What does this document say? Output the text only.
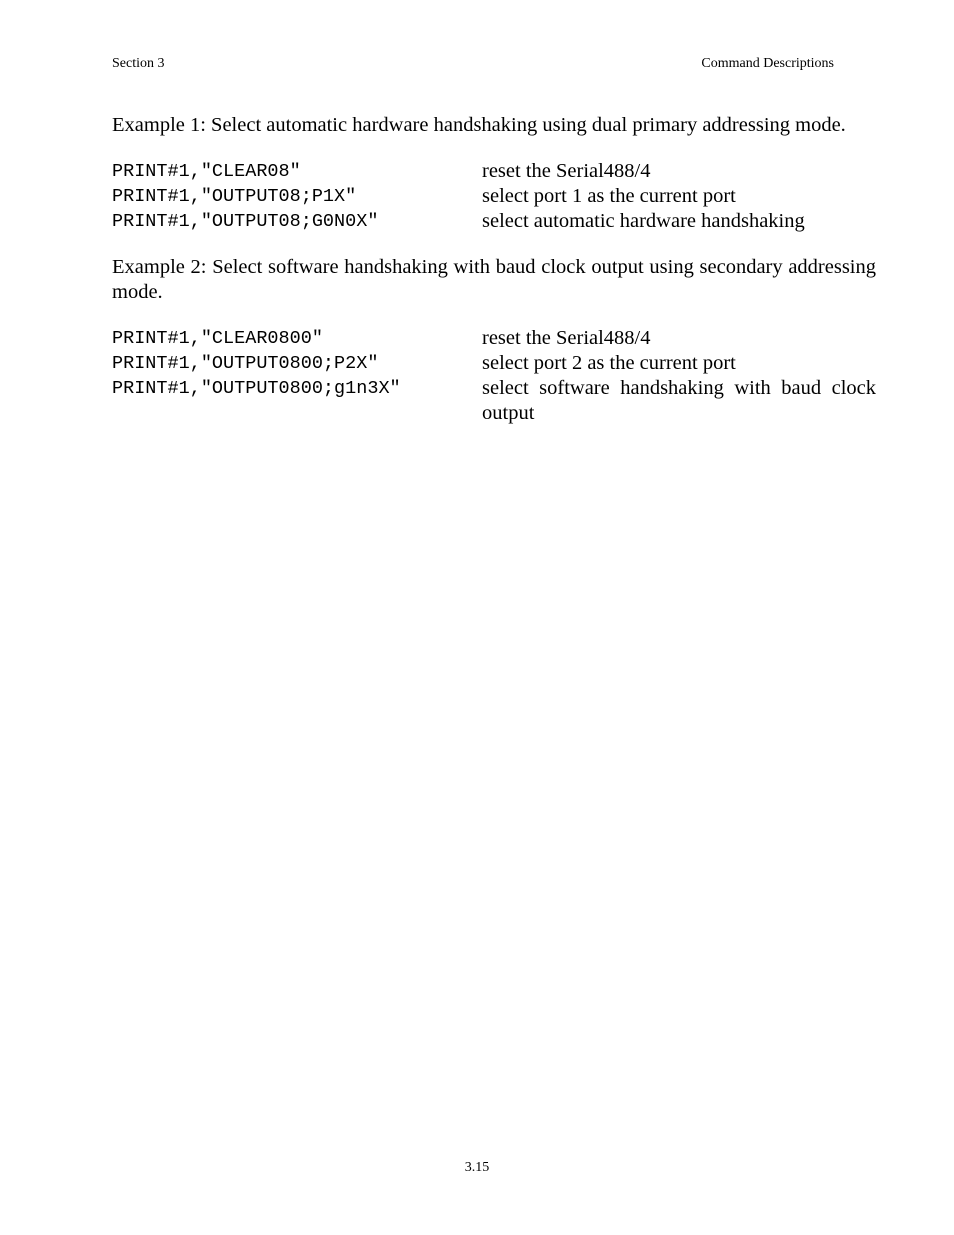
Section 3	Command Descriptions

Example 1: Select automatic hardware handshaking using dual primary addressing mode.

PRINT#1,"CLEAR08"	reset the Serial488/4
PRINT#1,"OUTPUT08;P1X"	select port 1 as the current port
PRINT#1,"OUTPUT08;G0N0X"	select automatic hardware handshaking

Example 2: Select software handshaking with baud clock output using secondary addressing mode.

PRINT#1,"CLEAR0800"	reset the Serial488/4
PRINT#1,"OUTPUT0800;P2X"	select port 2 as the current port
PRINT#1,"OUTPUT0800;g1n3X"	select software handshaking with baud clock output
3.15
